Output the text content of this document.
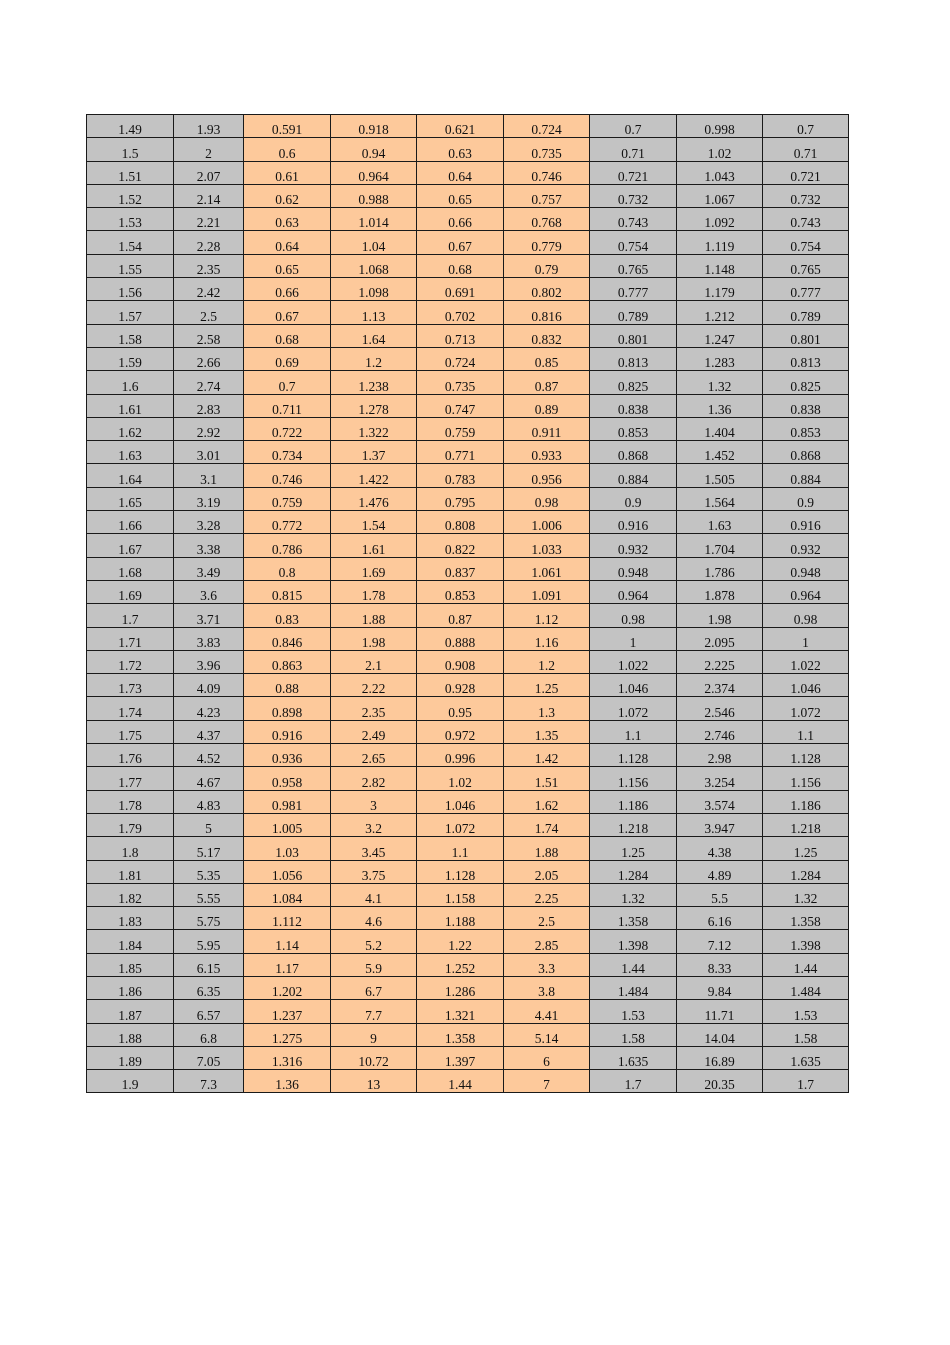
1.49	1.93	0.591	0.918	0.621	0.724	0.7	0.998	0.7
1.5	2	0.6	0.94	0.63	0.735	0.71	1.02	0.71
1.51	2.07	0.61	0.964	0.64	0.746	0.721	1.043	0.721
1.52	2.14	0.62	0.988	0.65	0.757	0.732	1.067	0.732
1.53	2.21	0.63	1.014	0.66	0.768	0.743	1.092	0.743
1.54	2.28	0.64	1.04	0.67	0.779	0.754	1.119	0.754
1.55	2.35	0.65	1.068	0.68	0.79	0.765	1.148	0.765
1.56	2.42	0.66	1.098	0.691	0.802	0.777	1.179	0.777
1.57	2.5	0.67	1.13	0.702	0.816	0.789	1.212	0.789
1.58	2.58	0.68	1.64	0.713	0.832	0.801	1.247	0.801
1.59	2.66	0.69	1.2	0.724	0.85	0.813	1.283	0.813
1.6	2.74	0.7	1.238	0.735	0.87	0.825	1.32	0.825
1.61	2.83	0.711	1.278	0.747	0.89	0.838	1.36	0.838
1.62	2.92	0.722	1.322	0.759	0.911	0.853	1.404	0.853
1.63	3.01	0.734	1.37	0.771	0.933	0.868	1.452	0.868
1.64	3.1	0.746	1.422	0.783	0.956	0.884	1.505	0.884
1.65	3.19	0.759	1.476	0.795	0.98	0.9	1.564	0.9
1.66	3.28	0.772	1.54	0.808	1.006	0.916	1.63	0.916
1.67	3.38	0.786	1.61	0.822	1.033	0.932	1.704	0.932
1.68	3.49	0.8	1.69	0.837	1.061	0.948	1.786	0.948
1.69	3.6	0.815	1.78	0.853	1.091	0.964	1.878	0.964
1.7	3.71	0.83	1.88	0.87	1.12	0.98	1.98	0.98
1.71	3.83	0.846	1.98	0.888	1.16	1	2.095	1
1.72	3.96	0.863	2.1	0.908	1.2	1.022	2.225	1.022
1.73	4.09	0.88	2.22	0.928	1.25	1.046	2.374	1.046
1.74	4.23	0.898	2.35	0.95	1.3	1.072	2.546	1.072
1.75	4.37	0.916	2.49	0.972	1.35	1.1	2.746	1.1
1.76	4.52	0.936	2.65	0.996	1.42	1.128	2.98	1.128
1.77	4.67	0.958	2.82	1.02	1.51	1.156	3.254	1.156
1.78	4.83	0.981	3	1.046	1.62	1.186	3.574	1.186
1.79	5	1.005	3.2	1.072	1.74	1.218	3.947	1.218
1.8	5.17	1.03	3.45	1.1	1.88	1.25	4.38	1.25
1.81	5.35	1.056	3.75	1.128	2.05	1.284	4.89	1.284
1.82	5.55	1.084	4.1	1.158	2.25	1.32	5.5	1.32
1.83	5.75	1.112	4.6	1.188	2.5	1.358	6.16	1.358
1.84	5.95	1.14	5.2	1.22	2.85	1.398	7.12	1.398
1.85	6.15	1.17	5.9	1.252	3.3	1.44	8.33	1.44
1.86	6.35	1.202	6.7	1.286	3.8	1.484	9.84	1.484
1.87	6.57	1.237	7.7	1.321	4.41	1.53	11.71	1.53
1.88	6.8	1.275	9	1.358	5.14	1.58	14.04	1.58
1.89	7.05	1.316	10.72	1.397	6	1.635	16.89	1.635
1.9	7.3	1.36	13	1.44	7	1.7	20.35	1.7
